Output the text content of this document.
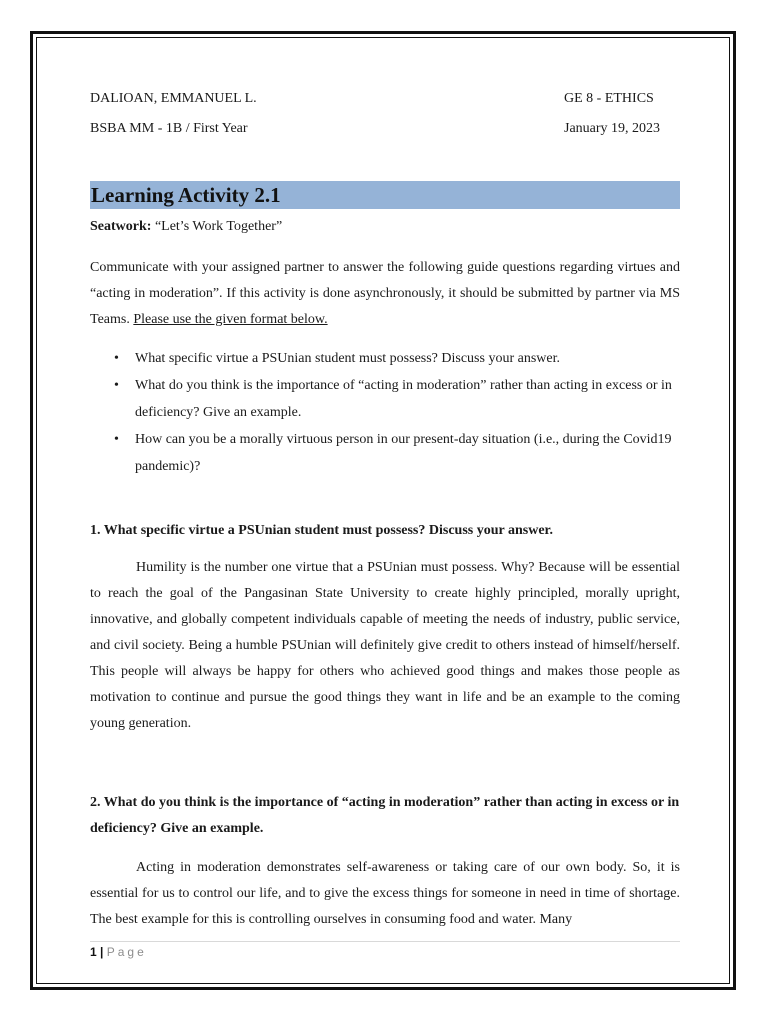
DALIOAN, EMMANUEL L.	GE 8 - ETHICS
BSBA MM - 1B / First Year	January 19, 2023
Learning Activity 2.1
Seatwork: “Let’s Work Together”

Communicate with your assigned partner to answer the following guide questions regarding virtues and “acting in moderation”. If this activity is done asynchronously, it should be submitted by partner via MS Teams. Please use the given format below.

• What specific virtue a PSUnian student must possess? Discuss your answer.
• What do you think is the importance of “acting in moderation” rather than acting in excess or in deficiency? Give an example.
• How can you be a morally virtuous person in our present-day situation (i.e., during the Covid19 pandemic)?

1. What specific virtue a PSUnian student must possess? Discuss your answer.

Humility is the number one virtue that a PSUnian must possess. Why? Because will be essential to reach the goal of the Pangasinan State University to create highly principled, morally upright, innovative, and globally competent individuals capable of meeting the needs of industry, public service, and civil society. Being a humble PSUnian will definitely give credit to others instead of himself/herself. This people will always be happy for others who achieved good things and makes those people as motivation to continue and pursue the good things they want in life and be an example to the coming young generation.

2. What do you think is the importance of “acting in moderation” rather than acting in excess or in deficiency? Give an example.

Acting in moderation demonstrates self-awareness or taking care of our own body. So, it is essential for us to control our life, and to give the excess things for someone in need in time of shortage. The best example for this is controlling ourselves in consuming food and water. Many

1 | Page
